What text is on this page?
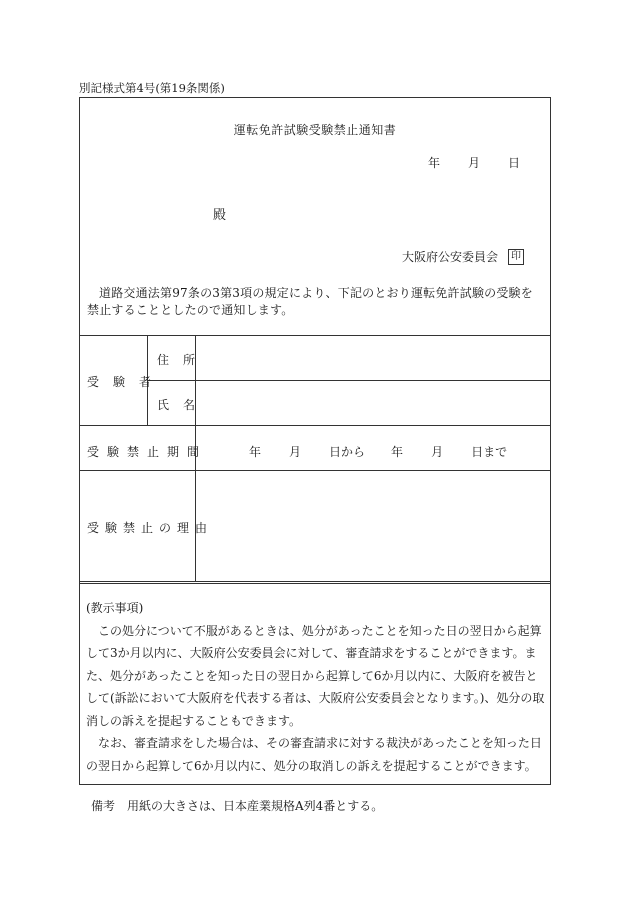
別記様式第4号(第19条関係)
運転免許試験受験禁止通知書
年 月 日
殿
大阪府公安委員会	印
道路交通法第97条の3第3項の規定により、下記のとおり運転免許試験の受験を禁止することとしたので通知します。
受験者
住所
氏名
受験禁止期間	年 月 日から 年 月 日まで
受験禁止の理由

(教示事項)

この処分について不服があるときは、処分があったことを知った日の翌日から起算して3か月以内に、大阪府公安委員会に対して、審査請求をすることができます。また、処分があったことを知った日の翌日から起算して6か月以内に、大阪府を被告として(訴訟において大阪府を代表する者は、大阪府公安委員会となります。)、処分の取消しの訴えを提起することもできます。

なお、審査請求をした場合は、その審査請求に対する裁決があったことを知った日の翌日から起算して6か月以内に、処分の取消しの訴えを提起することができます。

備考　用紙の大きさは、日本産業規格A列4番とする。
